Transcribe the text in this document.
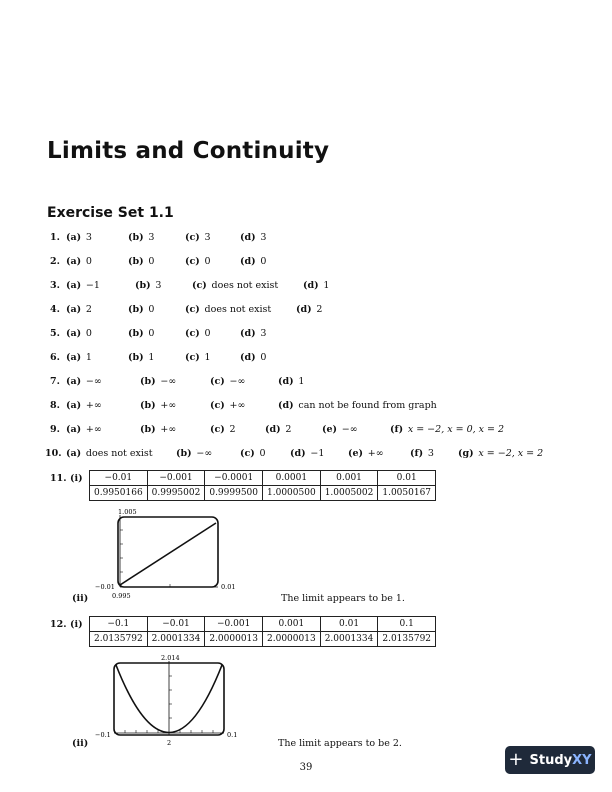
Limits and Continuity
Exercise Set 1.1
1. (a)  3	(b)  3	(c)  3	(d)  3
2. (a)  0	(b)  0	(c)  0	(d)  0
3. (a)  −1	(b)  3	(c)  does not exist	(d)  1
4. (a)  2	(b)  0	(c)  does not exist	(d)  2
5. (a)  0	(b)  0	(c)  0	(d)  3
6. (a)  1	(b)  1	(c)  1	(d)  0
7. (a)  −∞	(b)  −∞	(c)  −∞	(d)  1
8. (a)  +∞	(b)  +∞	(c)  +∞	(d)  can not be found from graph
9. (a)  +∞	(b)  +∞	(c)  2	(d)  2	(e)  −∞	(f)  x = −2, x = 0, x = 2
10. (a)  does not exist (b)  −∞	(c)  0	(d)  −1 (e)  +∞	(f)  3	(g)  x = −2, x = 2
11. (i) −0.01	−0.001	−0.0001	0.0001	0.001	0.01
0.9950166	0.9995002	0.9999500	1.0000500	1.0005002	1.0050167
1.005
−0.01	0.01
0.995
(ii)	The limit appears to be 1.
12. (i)	−0.1	−0.01	−0.001	0.001	0.01	0.1
2.0135792	2.0001334	2.0000013	2.0000013	2.0001334	2.0135792
2.014
−0.1	0.1
2
(ii)	The limit appears to be 2.
39	+ StudyXY
